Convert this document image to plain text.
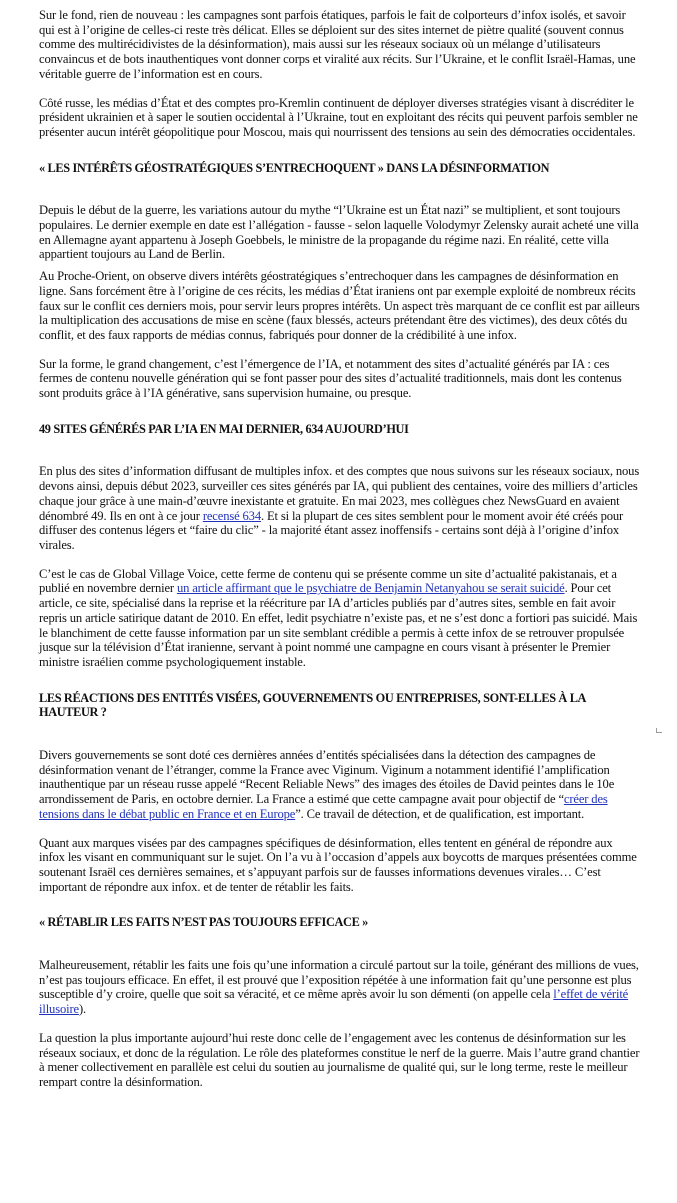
Sur le fond, rien de nouveau : les campagnes sont parfois étatiques, parfois le fait de colporteurs d’infox isolés, et savoir qui est à l’origine de celles-ci reste très délicat. Elles se déploient sur des sites internet de piètre qualité (souvent connus comme des multirécidivistes de la désinformation), mais aussi sur les réseaux sociaux où un mélange d’utilisateurs convaincus et de bots inauthentiques vont donner corps et viralité aux récits. Sur l’Ukraine, et le conflit Israël-Hamas, une véritable guerre de l’information est en cours.

Côté russe, les médias d’État et des comptes pro-Kremlin continuent de déployer diverses stratégies visant à discréditer le président ukrainien et à saper le soutien occidental à l’Ukraine, tout en exploitant des récits qui peuvent parfois sembler ne présenter aucun intérêt géopolitique pour Moscou, mais qui nourrissent des tensions au sein des démocraties occidentales.

« LES INTÉRÊTS GÉOSTRATÉGIQUES S’ENTRECHOQUENT » DANS LA DÉSINFORMATION

Depuis le début de la guerre, les variations autour du mythe “l’Ukraine est un État nazi” se multiplient, et sont toujours populaires. Le dernier exemple en date est l’allégation - fausse - selon laquelle Volodymyr Zelensky aurait acheté une villa en Allemagne ayant appartenu à Joseph Goebbels, le ministre de la propagande du régime nazi. En réalité, cette villa appartient toujours au Land de Berlin.

Au Proche-Orient, on observe divers intérêts géostratégiques s’entrechoquer dans les campagnes de désinformation en ligne. Sans forcément être à l’origine de ces récits, les médias d’État iraniens ont par exemple exploité de nombreux récits faux sur le conflit ces derniers mois, pour servir leurs propres intérêts. Un aspect très marquant de ce conflit est par ailleurs la multiplication des accusations de mise en scène (faux blessés, acteurs prétendant être des victimes), des deux côtés du conflit, et des faux rapports de médias connus, fabriqués pour donner de la crédibilité à une infox.

Sur la forme, le grand changement, c’est l’émergence de l’IA, et notamment des sites d’actualité générés par IA : ces fermes de contenu nouvelle génération qui se font passer pour des sites d’actualité traditionnels, mais dont les contenus sont produits grâce à l’IA générative, sans supervision humaine, ou presque.

49 SITES GÉNÉRÉS PAR L’IA EN MAI DERNIER, 634 AUJOURD’HUI

En plus des sites d’information diffusant de multiples infox. et des comptes que nous suivons sur les réseaux sociaux, nous devons ainsi, depuis début 2023, surveiller ces sites générés par IA, qui publient des centaines, voire des milliers d’articles chaque jour grâce à une main-d’œuvre inexistante et gratuite. En mai 2023, mes collègues chez NewsGuard en avaient dénombré 49. Ils en ont à ce jour recensé 634. Et si la plupart de ces sites semblent pour le moment avoir été créés pour diffuser des contenus légers et “faire du clic” - la majorité étant assez inoffensifs - certains sont déjà à l’origine d’infox virales.

C’est le cas de Global Village Voice, cette ferme de contenu qui se présente comme un site d’actualité pakistanais, et a publié en novembre dernier un article affirmant que le psychiatre de Benjamin Netanyahou se serait suicidé. Pour cet article, ce site, spécialisé dans la reprise et la réécriture par IA d’articles publiés par d’autres sites, semble en fait avoir repris un article satirique datant de 2010. En effet, ledit psychiatre n’existe pas, et ne s’est donc a fortiori pas suicidé. Mais le blanchiment de cette fausse information par un site semblant crédible a permis à cette infox de se retrouver propulsée jusque sur la télévision d’État iranienne, servant à point nommé une campagne en cours visant à présenter le Premier ministre israélien comme psychologiquement instable.

LES RÉACTIONS DES ENTITÉS VISÉES, GOUVERNEMENTS OU ENTREPRISES, SONT-ELLES À LA HAUTEUR ?

Divers gouvernements se sont doté ces dernières années d’entités spécialisées dans la détection des campagnes de désinformation venant de l’étranger, comme la France avec Viginum. Viginum a notamment identifié l’amplification inauthentique par un réseau russe appelé “Recent Reliable News” des images des étoiles de David peintes dans le 10e arrondissement de Paris, en octobre dernier. La France a estimé que cette campagne avait pour objectif de “créer des tensions dans le débat public en France et en Europe”. Ce travail de détection, et de qualification, est important.

Quant aux marques visées par des campagnes spécifiques de désinformation, elles tentent en général de répondre aux infox les visant en communiquant sur le sujet. On l’a vu à l’occasion d’appels aux boycotts de marques présentées comme soutenant Israël ces dernières semaines, et s’appuyant parfois sur de fausses informations devenues virales… C’est important de répondre aux infox. et de tenter de rétablir les faits.

« RÉTABLIR LES FAITS N’EST PAS TOUJOURS EFFICACE »

Malheureusement, rétablir les faits une fois qu’une information a circulé partout sur la toile, générant des millions de vues, n’est pas toujours efficace. En effet, il est prouvé que l’exposition répétée à une information fait qu’une personne est plus susceptible d’y croire, quelle que soit sa véracité, et ce même après avoir lu son démenti (on appelle cela l’effet de vérité illusoire).

La question la plus importante aujourd’hui reste donc celle de l’engagement avec les contenus de désinformation sur les réseaux sociaux, et donc de la régulation. Le rôle des plateformes constitue le nerf de la guerre. Mais l’autre grand chantier à mener collectivement en parallèle est celui du soutien au journalisme de qualité qui, sur le long terme, reste le meilleur rempart contre la désinformation.
